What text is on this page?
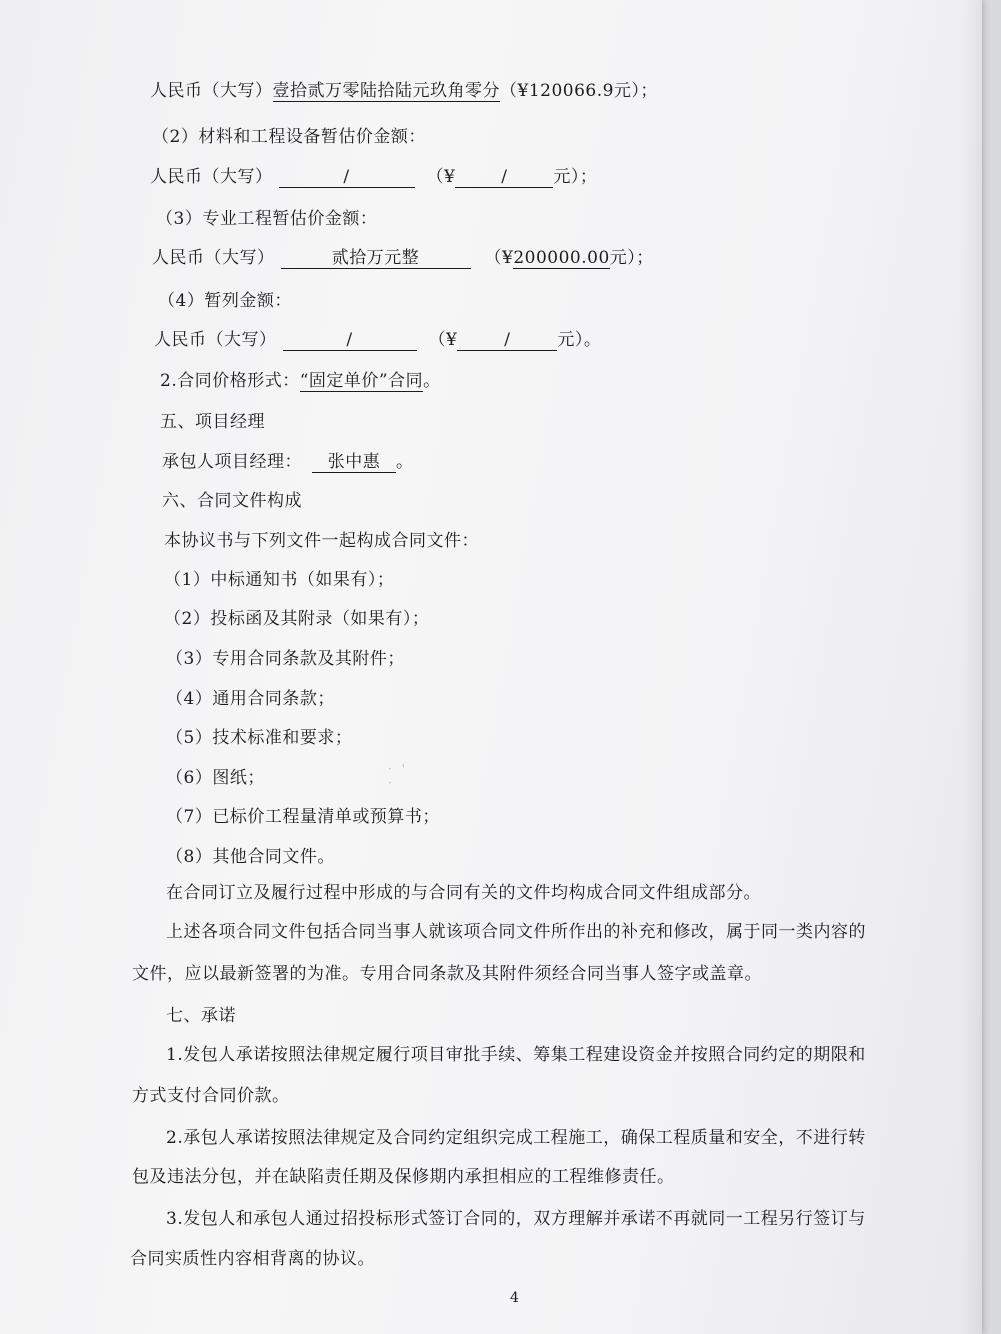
人民币（大写）壹拾贰万零陆拾陆元玖角零分（¥120066.9元）；
（2）材料和工程设备暂估价金额：
人民币（大写）	/	（¥	/	元）；
（3）专业工程暂估价金额：
人民币（大写）	贰拾万元整	（¥200000.00元）；
（4）暂列金额：
人民币（大写）	/	（¥	/	元）。
2.合同价格形式：“固定单价”合同。
五、项目经理
承包人项目经理： 张中惠 。
六、合同文件构成
本协议书与下列文件一起构成合同文件：
（1）中标通知书（如果有）；
（2）投标函及其附录（如果有）；
（3）专用合同条款及其附件；
（4）通用合同条款；
（5）技术标准和要求；
（6）图纸；
（7）已标价工程量清单或预算书；
（8）其他合同文件。
· ' ·
在合同订立及履行过程中形成的与合同有关的文件均构成合同文件组成部分。
上述各项合同文件包括合同当事人就该项合同文件所作出的补充和修改，属于同一类内容的
文件，应以最新签署的为准。专用合同条款及其附件须经合同当事人签字或盖章。
七、承诺
1.发包人承诺按照法律规定履行项目审批手续、筹集工程建设资金并按照合同约定的期限和
方式支付合同价款。
2.承包人承诺按照法律规定及合同约定组织完成工程施工，确保工程质量和安全，不进行转
包及违法分包，并在缺陷责任期及保修期内承担相应的工程维修责任。
3.发包人和承包人通过招投标形式签订合同的，双方理解并承诺不再就同一工程另行签订与
合同实质性内容相背离的协议。
4
